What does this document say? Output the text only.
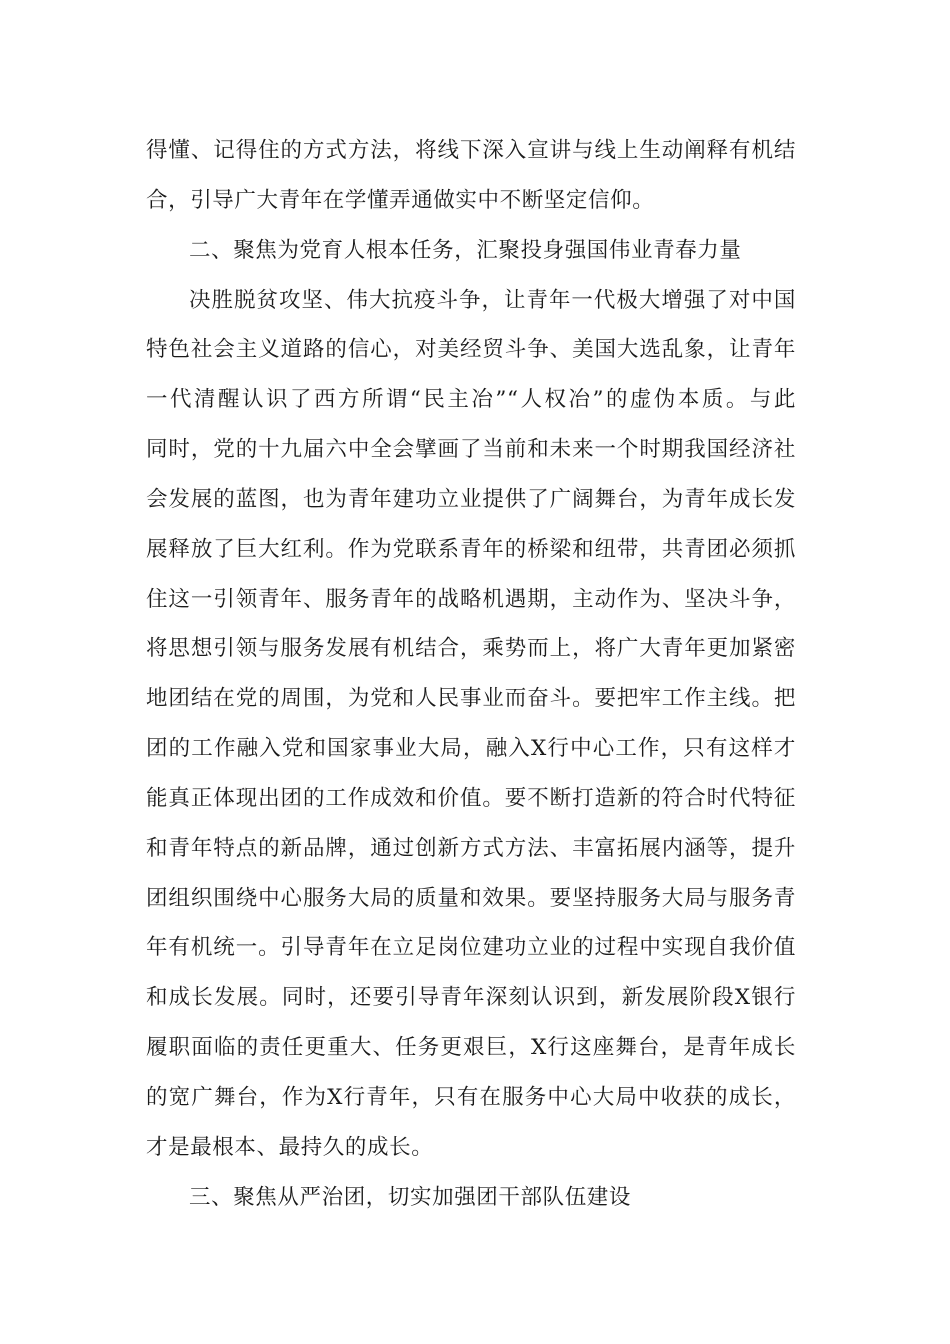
得懂、记得住的方式方法，将线下深入宣讲与线上生动阐释有机结
合，引导广大青年在学懂弄通做实中不断坚定信仰。
二、聚焦为党育人根本任务，汇聚投身强国伟业青春力量
决胜脱贫攻坚、伟大抗疫斗争，让青年一代极大增强了对中国
特色社会主义道路的信心，对美经贸斗争、美国大选乱象，让青年
一代清醒认识了西方所谓“民主冶”“人权冶”的虚伪本质。与此
同时，党的十九届六中全会擘画了当前和未来一个时期我国经济社
会发展的蓝图，也为青年建功立业提供了广阔舞台，为青年成长发
展释放了巨大红利。作为党联系青年的桥梁和纽带，共青团必须抓
住这一引领青年、服务青年的战略机遇期，主动作为、坚决斗争，
将思想引领与服务发展有机结合，乘势而上，将广大青年更加紧密
地团结在党的周围，为党和人民事业而奋斗。要把牢工作主线。把
团的工作融入党和国家事业大局，融入X行中心工作，只有这样才
能真正体现出团的工作成效和价值。要不断打造新的符合时代特征
和青年特点的新品牌，通过创新方式方法、丰富拓展内涵等，提升
团组织围绕中心服务大局的质量和效果。要坚持服务大局与服务青
年有机统一。引导青年在立足岗位建功立业的过程中实现自我价值
和成长发展。同时，还要引导青年深刻认识到，新发展阶段X银行
履职面临的责任更重大、任务更艰巨，X行这座舞台，是青年成长
的宽广舞台，作为X行青年，只有在服务中心大局中收获的成长，
才是最根本、最持久的成长。
三、聚焦从严治团，切实加强团干部队伍建设
